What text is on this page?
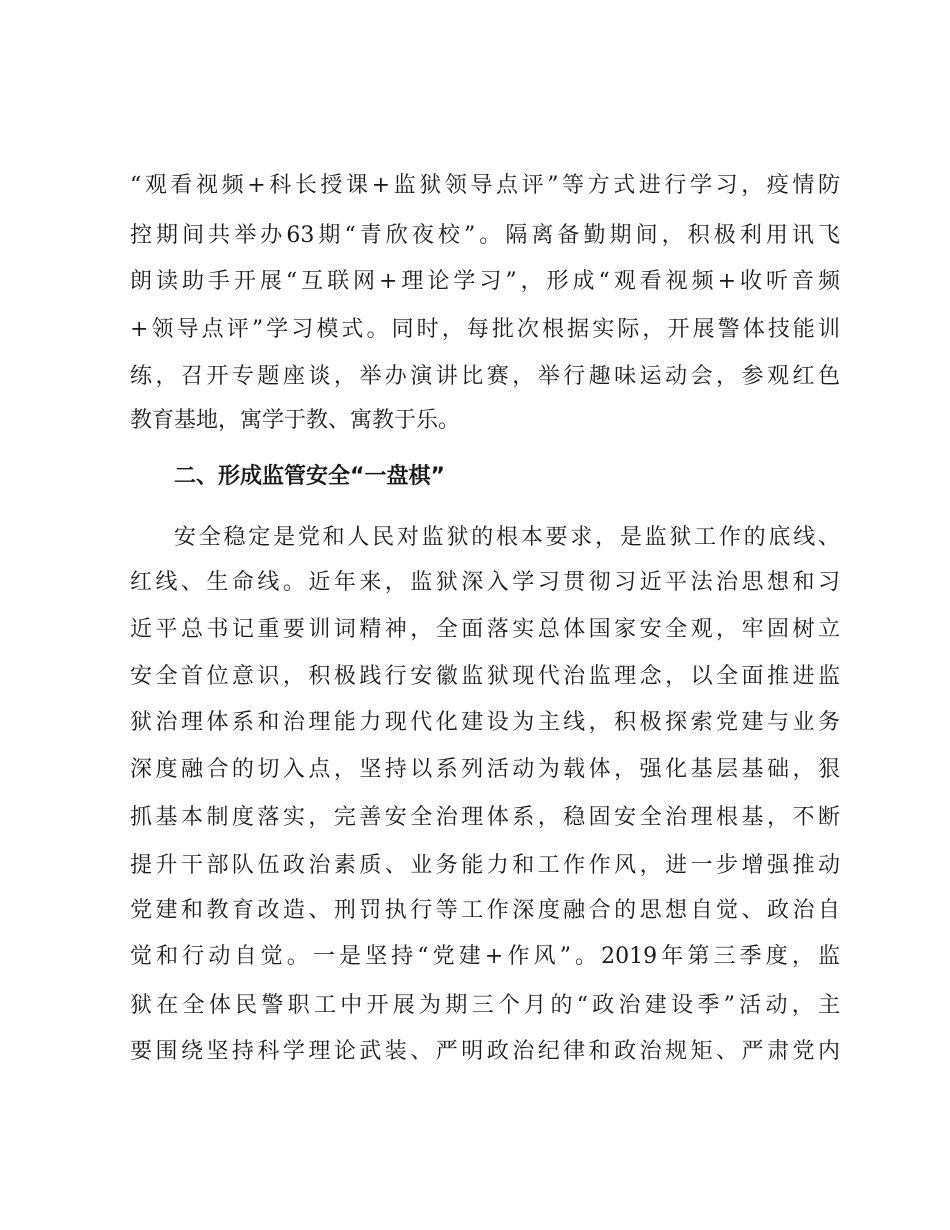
“观看视频+科长授课+监狱领导点评”等方式进行学习，疫情防
控期间共举办63期“青欣夜校”。隔离备勤期间，积极利用讯飞
朗读助手开展“互联网+理论学习”，形成“观看视频+收听音频
+领导点评”学习模式。同时，每批次根据实际，开展警体技能训
练，召开专题座谈，举办演讲比赛，举行趣味运动会，参观红色
教育基地，寓学于教、寓教于乐。
二、形成监管安全“一盘棋”
安全稳定是党和人民对监狱的根本要求，是监狱工作的底线、
红线、生命线。近年来，监狱深入学习贯彻习近平法治思想和习
近平总书记重要训词精神，全面落实总体国家安全观，牢固树立
安全首位意识，积极践行安徽监狱现代治监理念，以全面推进监
狱治理体系和治理能力现代化建设为主线，积极探索党建与业务
深度融合的切入点，坚持以系列活动为载体，强化基层基础，狠
抓基本制度落实，完善安全治理体系，稳固安全治理根基，不断
提升干部队伍政治素质、业务能力和工作作风，进一步增强推动
党建和教育改造、刑罚执行等工作深度融合的思想自觉、政治自
觉和行动自觉。一是坚持“党建+作风”。2019年第三季度，监
狱在全体民警职工中开展为期三个月的“政治建设季”活动，主
要围绕坚持科学理论武装、严明政治纪律和政治规矩、严肃党内
